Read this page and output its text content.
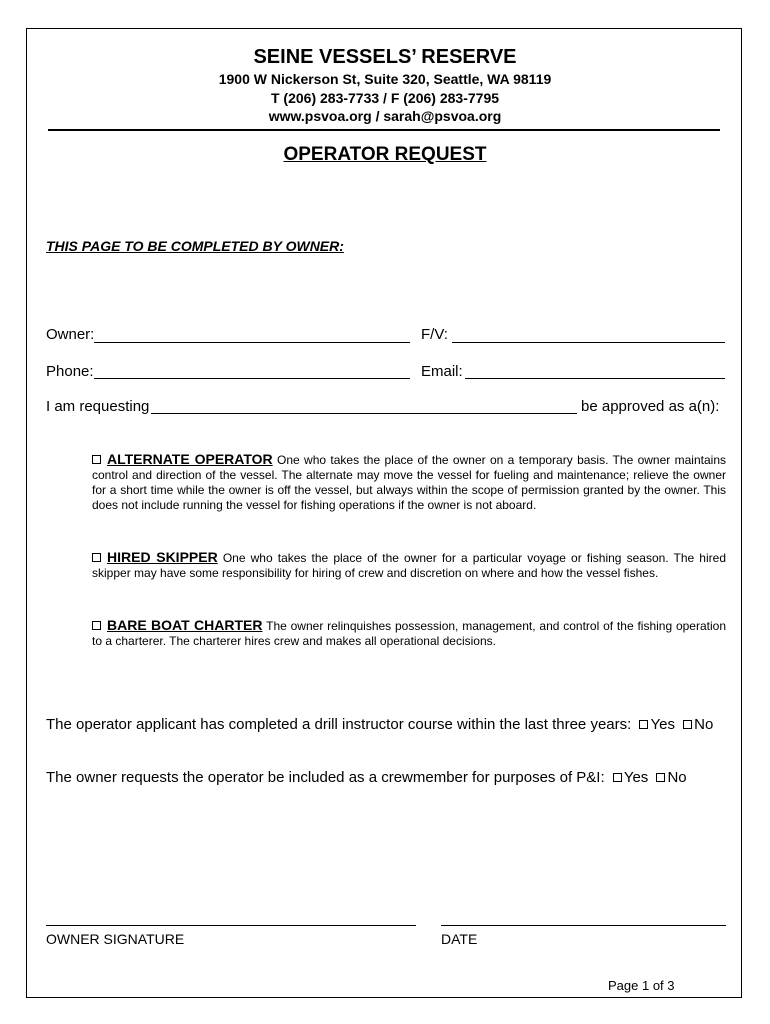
SEINE VESSELS’ RESERVE
1900 W Nickerson St, Suite 320, Seattle, WA 98119
T (206) 283-7733 / F (206) 283-7795
www.psvoa.org / sarah@psvoa.org
OPERATOR REQUEST
THIS PAGE TO BE COMPLETED BY OWNER:
Owner:	F/V:
Phone:	Email:
I am requesting	be approved as a(n):
ALTERNATE OPERATOR One who takes the place of the owner on a temporary basis. The owner maintains control and direction of the vessel. The alternate may move the vessel for fueling and maintenance; relieve the owner for a short time while the owner is off the vessel, but always within the scope of permission granted by the owner. This does not include running the vessel for fishing operations if the owner is not aboard.
HIRED SKIPPER One who takes the place of the owner for a particular voyage or fishing season. The hired skipper may have some responsibility for hiring of crew and discretion on where and how the vessel fishes.
BARE BOAT CHARTER The owner relinquishes possession, management, and control of the fishing operation to a charterer. The charterer hires crew and makes all operational decisions.
The operator applicant has completed a drill instructor course within the last three years: Yes No
The owner requests the operator be included as a crewmember for purposes of P&I: Yes No
OWNER SIGNATURE	DATE
Page 1 of 3
